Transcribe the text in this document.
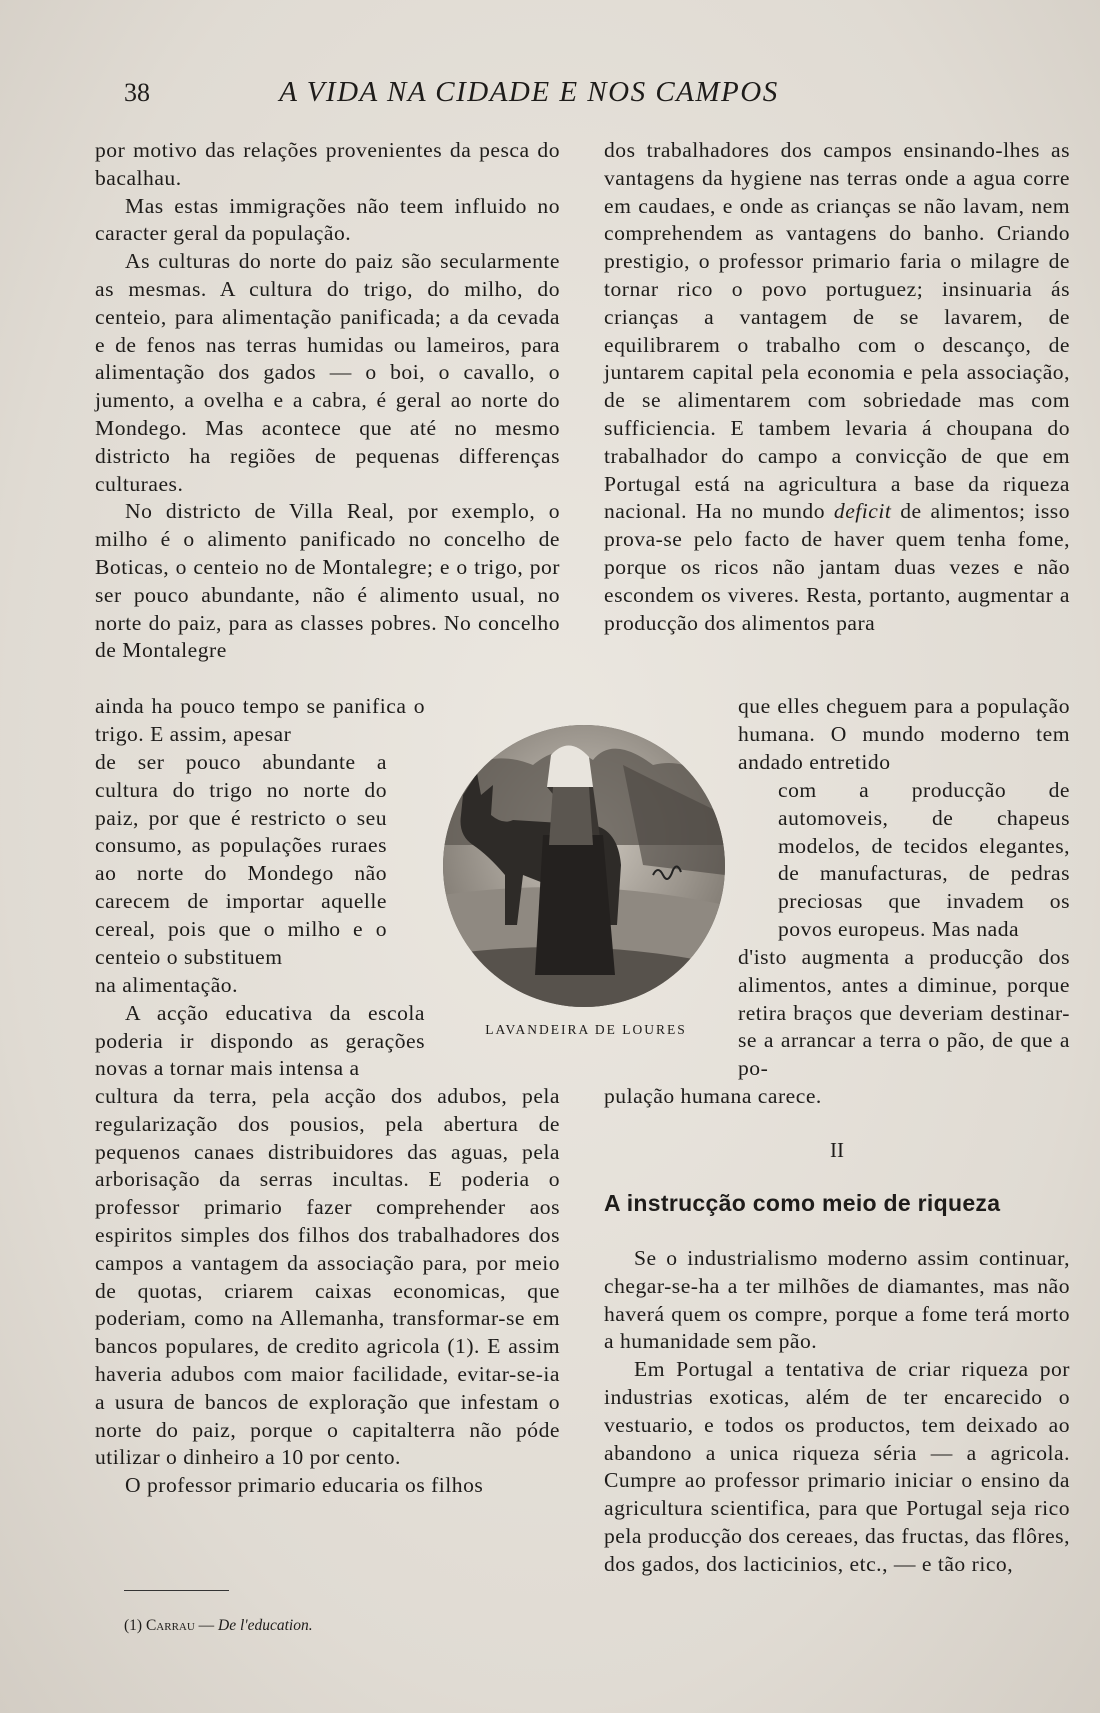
38	A VIDA NA CIDADE E NOS CAMPOS

por motivo das relações provenientes da pesca do bacalhau.

Mas estas immigrações não teem influido no caracter geral da população.

As culturas do norte do paiz são secularmente as mesmas. A cultura do trigo, do milho, do centeio, para alimentação panificada; a da cevada e de fenos nas terras humidas ou lameiros, para alimentação dos gados — o boi, o cavallo, o jumento, a ovelha e a cabra, é geral ao norte do Mondego. Mas acontece que até no mesmo districto ha regiões de pequenas differenças culturaes.

No districto de Villa Real, por exemplo, o milho é o alimento panificado no concelho de Boticas, o centeio no de Montalegre; e o trigo, por ser pouco abundante, não é alimento usual, no norte do paiz, para as classes pobres. No concelho de Montalegre

ainda ha pouco tempo se panifica o trigo. E assim, apesar
de ser pouco abundante a cultura do trigo no norte do paiz, por que é restricto o seu consumo, as populações ruraes ao norte do Mondego não carecem de importar aquelle cereal, pois que o milho e o centeio o substituem

na alimentação.

A acção educativa da escola poderia ir dispondo as gerações novas a tornar mais intensa a

cultura da terra, pela acção dos adubos, pela regularização dos pousios, pela abertura de pequenos canaes distribuidores das aguas, pela arborisação da serras incultas. E poderia o professor primario fazer comprehender aos espiritos simples dos filhos dos trabalhadores dos campos a vantagem da associação para, por meio de quotas, criarem caixas economicas, que poderiam, como na Allemanha, transformar-se em bancos populares, de credito agricola (1). E assim haveria adubos com maior facilidade, evitar-se-ia a usura de bancos de exploração que infestam o norte do paiz, porque o capitalterra não póde utilizar o dinheiro a 10 por cento.

O professor primario educaria os filhos

dos trabalhadores dos campos ensinando-lhes as vantagens da hygiene nas terras onde a agua corre em caudaes, e onde as crianças se não lavam, nem comprehendem as vantagens do banho. Criando prestigio, o professor primario faria o milagre de tornar rico o povo portuguez; insinuaria ás crianças a vantagem de se lavarem, de equilibrarem o trabalho com o descanço, de juntarem capital pela economia e pela associação, de se alimentarem com sobriedade mas com sufficiencia. E tambem levaria á choupana do trabalhador do campo a convicção de que em Portugal está na agricultura a base da riqueza nacional. Ha no mundo deficit de alimentos; isso prova-se pelo facto de haver quem tenha fome, porque os ricos não jantam duas vezes e não escondem os viveres. Resta, portanto, augmentar a producção dos alimentos para

que elles cheguem para a população humana. O mundo moderno tem andado entretido
com a producção de automoveis, de chapeus modelos, de tecidos elegantes, de manufacturas, de pedras preciosas que invadem os povos europeus. Mas nada
d'isto augmenta a producção dos alimentos, antes a diminue, porque retira braços que deveriam destinar-se a arrancar a terra o pão, de que a po-
pulação humana carece.
LAVANDEIRA DE LOURES
II
A instrucção como meio de riqueza

Se o industrialismo moderno assim continuar, chegar-se-ha a ter milhões de diamantes, mas não haverá quem os compre, porque a fome terá morto a humanidade sem pão.

Em Portugal a tentativa de criar riqueza por industrias exoticas, além de ter encarecido o vestuario, e todos os productos, tem deixado ao abandono a unica riqueza séria — a agricola. Cumpre ao professor primario iniciar o ensino da agricultura scientifica, para que Portugal seja rico pela producção dos cereaes, das fructas, das flôres, dos gados, dos lacticinios, etc., — e tão rico,

(1) Carrau — De l'education.
